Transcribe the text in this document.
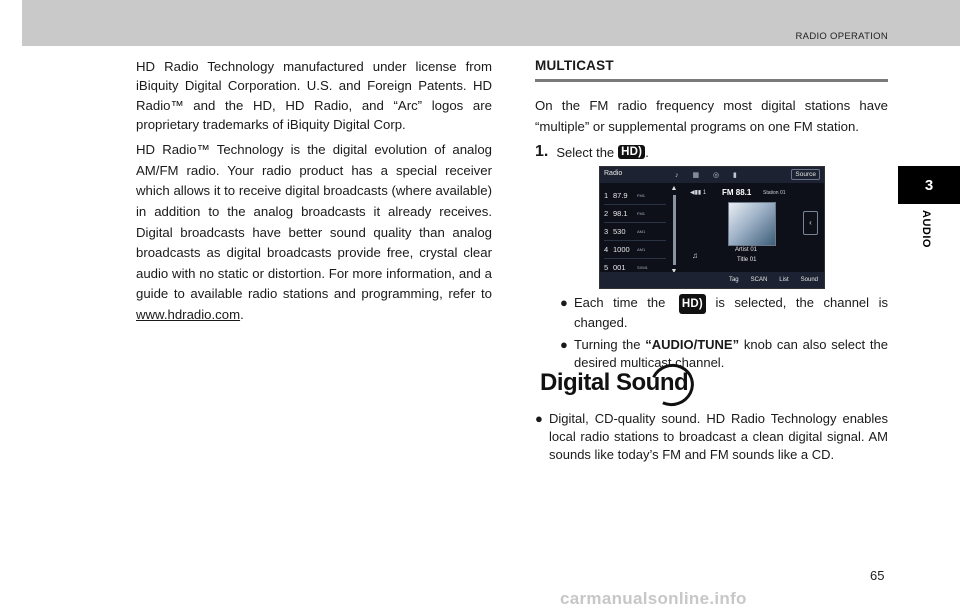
RADIO OPERATION
3
AUDIO

HD Radio Technology manufactured under license from iBiquity Digital Corporation. U.S. and Foreign Patents. HD Radio™ and the HD, HD Radio, and “Arc” logos are proprietary trademarks of iBiquity Digital Corp.

HD Radio™ Technology is the digital evolution of analog AM/FM radio. Your radio product has a special receiver which allows it to receive digital broadcasts (where available) in addition to the analog broadcasts it already receives. Digital broadcasts have better sound quality than analog broadcasts as digital broadcasts provide free, crystal clear audio with no static or distortion. For more information, and a guide to available radio stations and programming, refer to www.hdradio.com.

MULTICAST
On the FM radio frequency most digital stations have “multiple” or supplemental programs on one FM station.
1. Select the HD) .
Radio	♪ ▦ ◎ ▮	Source
1 87.9	FM1
2 98.1	FM1
3 530	AM1
4 1000	AM1
5 001	SXM1
▲
◀▮▮ 1 FM 88.1 Station 01
‹
♫
Artist 01
Title 01
Tag	SCAN	List	Sound
● Each time the HD) is selected, the channel is changed.
● Turning the “AUDIO/TUNE” knob can also select the desired multicast channel.
Digital Sound
● Digital, CD-quality sound. HD Radio Technology enables local radio stations to broadcast a clean digital signal. AM sounds like today’s FM and FM sounds like a CD.
65
carmanualsonline.info
